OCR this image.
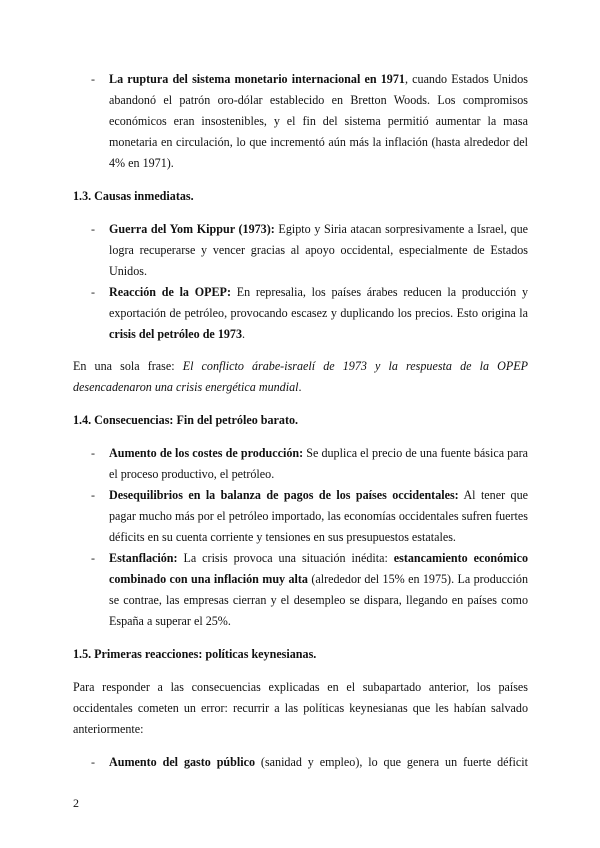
- La ruptura del sistema monetario internacional en 1971, cuando Estados Unidos
abandonó el patrón oro-dólar establecido en Bretton Woods. Los compromisos
económicos eran insostenibles, y el fin del sistema permitió aumentar la masa
monetaria en circulación, lo que incrementó aún más la inflación (hasta alrededor del
4% en 1971).
1.3. Causas inmediatas.
- Guerra del Yom Kippur (1973): Egipto y Siria atacan sorpresivamente a Israel, que
logra recuperarse y vencer gracias al apoyo occidental, especialmente de Estados
Unidos.
- Reacción de la OPEP: En represalia, los países árabes reducen la producción y
exportación de petróleo, provocando escasez y duplicando los precios. Esto origina la
crisis del petróleo de 1973.
En una sola frase: El conflicto árabe-israelí de 1973 y la respuesta de la OPEP
desencadenaron una crisis energética mundial.
1.4. Consecuencias: Fin del petróleo barato.
- Aumento de los costes de producción: Se duplica el precio de una fuente básica para
el proceso productivo, el petróleo.
- Desequilibrios en la balanza de pagos de los países occidentales: Al tener que
pagar mucho más por el petróleo importado, las economías occidentales sufren fuertes
déficits en su cuenta corriente y tensiones en sus presupuestos estatales.
- Estanflación: La crisis provoca una situación inédita: estancamiento económico
combinado con una inflación muy alta (alrededor del 15% en 1975). La producción
se contrae, las empresas cierran y el desempleo se dispara, llegando en países como
España a superar el 25%.
1.5. Primeras reacciones: políticas keynesianas.
Para responder a las consecuencias explicadas en el subapartado anterior, los países
occidentales cometen un error: recurrir a las políticas keynesianas que les habían salvado
anteriormente:
- Aumento del gasto público (sanidad y empleo), lo que genera un fuerte déficit
2
